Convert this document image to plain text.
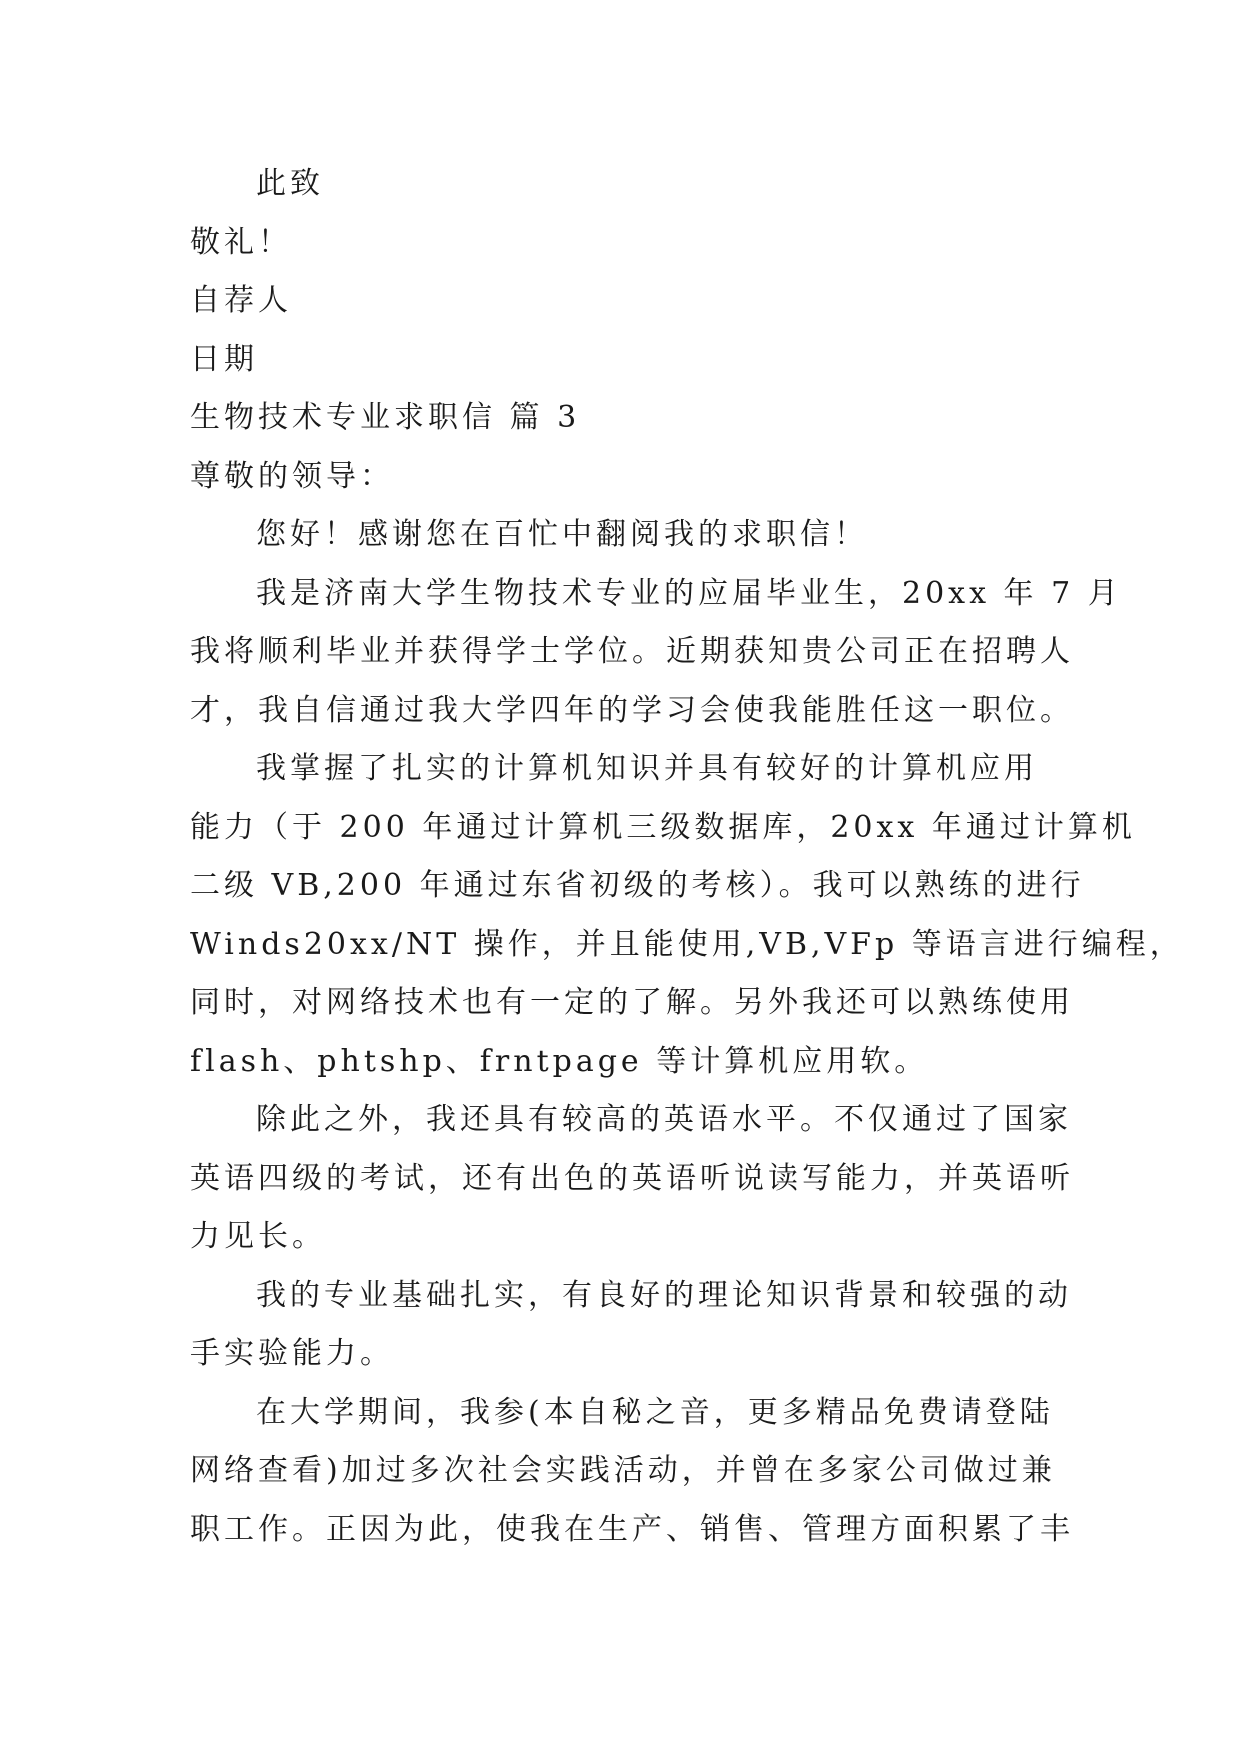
此致
敬礼！
自荐人
日期
生物技术专业求职信 篇 3
尊敬的领导：
您好！感谢您在百忙中翻阅我的求职信！
我是济南大学生物技术专业的应届毕业生，20xx 年 7 月
我将顺利毕业并获得学士学位。近期获知贵公司正在招聘人
才，我自信通过我大学四年的学习会使我能胜任这一职位。
我掌握了扎实的计算机知识并具有较好的计算机应用
能力（于 200 年通过计算机三级数据库，20xx 年通过计算机
二级 VB,200 年通过东省初级的考核）。我可以熟练的进行
Winds20xx/NT 操作，并且能使用,VB,VFp 等语言进行编程，
同时，对网络技术也有一定的了解。另外我还可以熟练使用
flash、phtshp、frntpage 等计算机应用软。
除此之外，我还具有较高的英语水平。不仅通过了国家
英语四级的考试，还有出色的英语听说读写能力，并英语听
力见长。
我的专业基础扎实，有良好的理论知识背景和较强的动
手实验能力。
在大学期间，我参(本自秘之音，更多精品免费请登陆
网络查看)加过多次社会实践活动，并曾在多家公司做过兼
职工作。正因为此，使我在生产、销售、管理方面积累了丰
